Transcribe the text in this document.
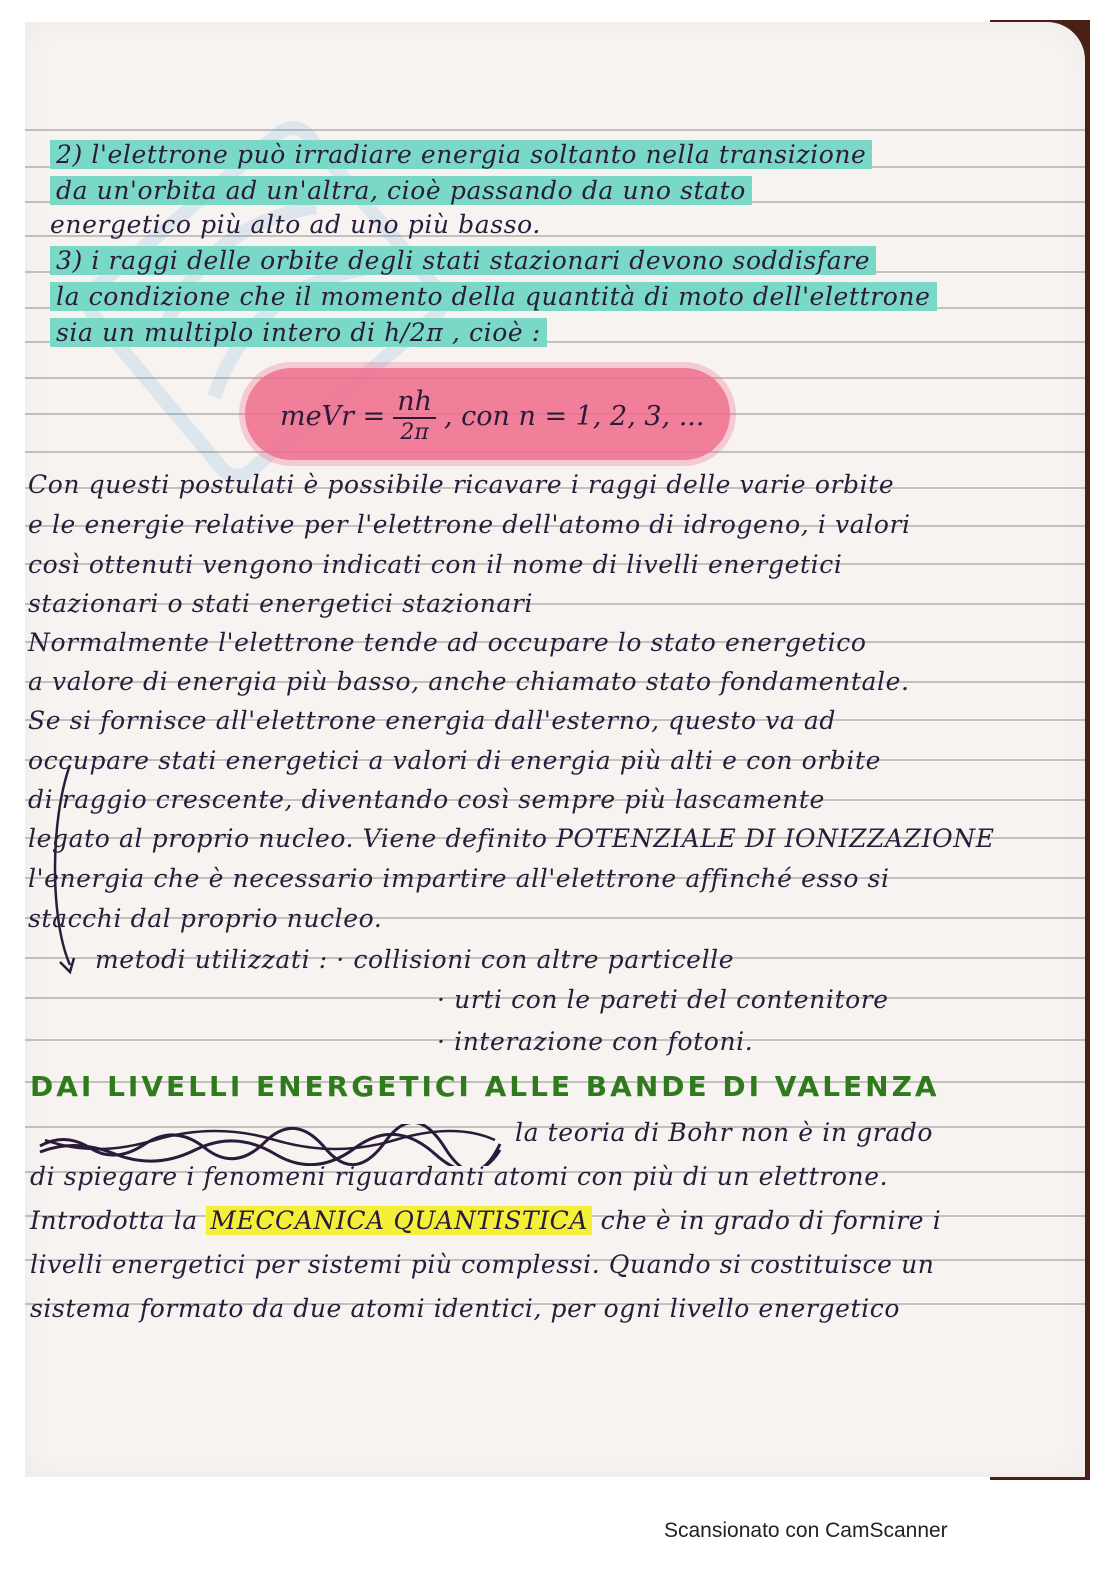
2) l'elettrone può irradiare energia soltanto nella transizione
da un'orbita ad un'altra, cioè passando da uno stato
energetico più alto ad uno più basso.
3) i raggi delle orbite degli stati stazionari devono soddisfare
la condizione che il momento della quantità di moto dell'elettrone
sia un multiplo intero di h/2π , cioè :
meVr = $\frac{nh}{2\pi}$ , con n = 1, 2, 3, ...
Con questi postulati è possibile ricavare i raggi delle varie orbite
e le energie relative per l'elettrone dell'atomo di idrogeno, i valori
così ottenuti vengono indicati con il nome di livelli energetici
stazionari o stati energetici stazionari
Normalmente l'elettrone tende ad occupare lo stato energetico
a valore di energia più basso, anche chiamato stato fondamentale.
Se si fornisce all'elettrone energia dall'esterno, questo va ad
occupare stati energetici a valori di energia più alti e con orbite
di raggio crescente, diventando così sempre più lascamente
legato al proprio nucleo. Viene definito POTENZIALE DI IONIZZAZIONE
l'energia che è necessario impartire all'elettrone affinché esso si
stacchi dal proprio nucleo.
metodi utilizzati : · collisioni con altre particelle
· urti con le pareti del contenitore
· interazione con fotoni.
DAI LIVELLI ENERGETICI ALLE BANDE DI VALENZA
la teoria di Bohr non è in grado
di spiegare i fenomeni riguardanti atomi con più di un elettrone.
Introdotta la MECCANICA QUANTISTICA che è in grado di fornire i
livelli energetici per sistemi più complessi. Quando si costituisce un
sistema formato da due atomi identici, per ogni livello energetico
Scansionato con CamScanner
